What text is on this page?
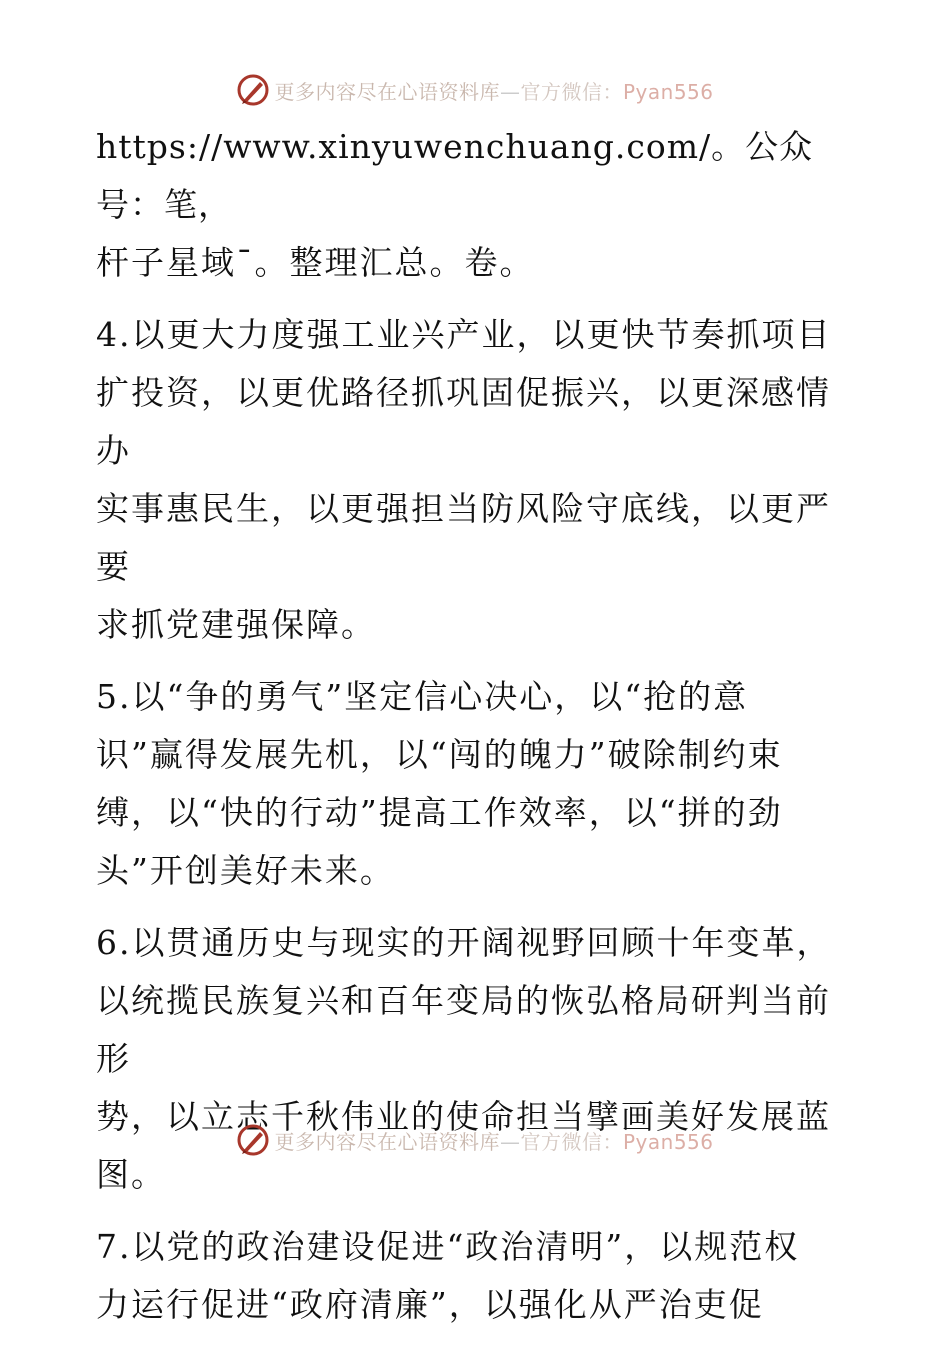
更多内容尽在心语资料库—官方微信：Pyan556

https://www.xinyuwenchuang.com/。公众号：笔，
杆子星域¯。整理汇总。卷。

4.以更大力度强工业兴产业，以更快节奏抓项目
扩投资，以更优路径抓巩固促振兴，以更深感情办
实事惠民生，以更强担当防风险守底线，以更严要
求抓党建强保障。

5.以“争的勇气”坚定信心决心，以“抢的意
识”赢得发展先机，以“闯的魄力”破除制约束
缚，以“快的行动”提高工作效率，以“拼的劲
头”开创美好未来。

6.以贯通历史与现实的开阔视野回顾十年变革，
以统揽民族复兴和百年变局的恢弘格局研判当前形
势，以立志千秋伟业的使命担当擘画美好发展蓝
图。

7.以党的政治建设促进“政治清明”，以规范权
力运行促进“政府清廉”，以强化从严治吏促

更多内容尽在心语资料库—官方微信：Pyan556
